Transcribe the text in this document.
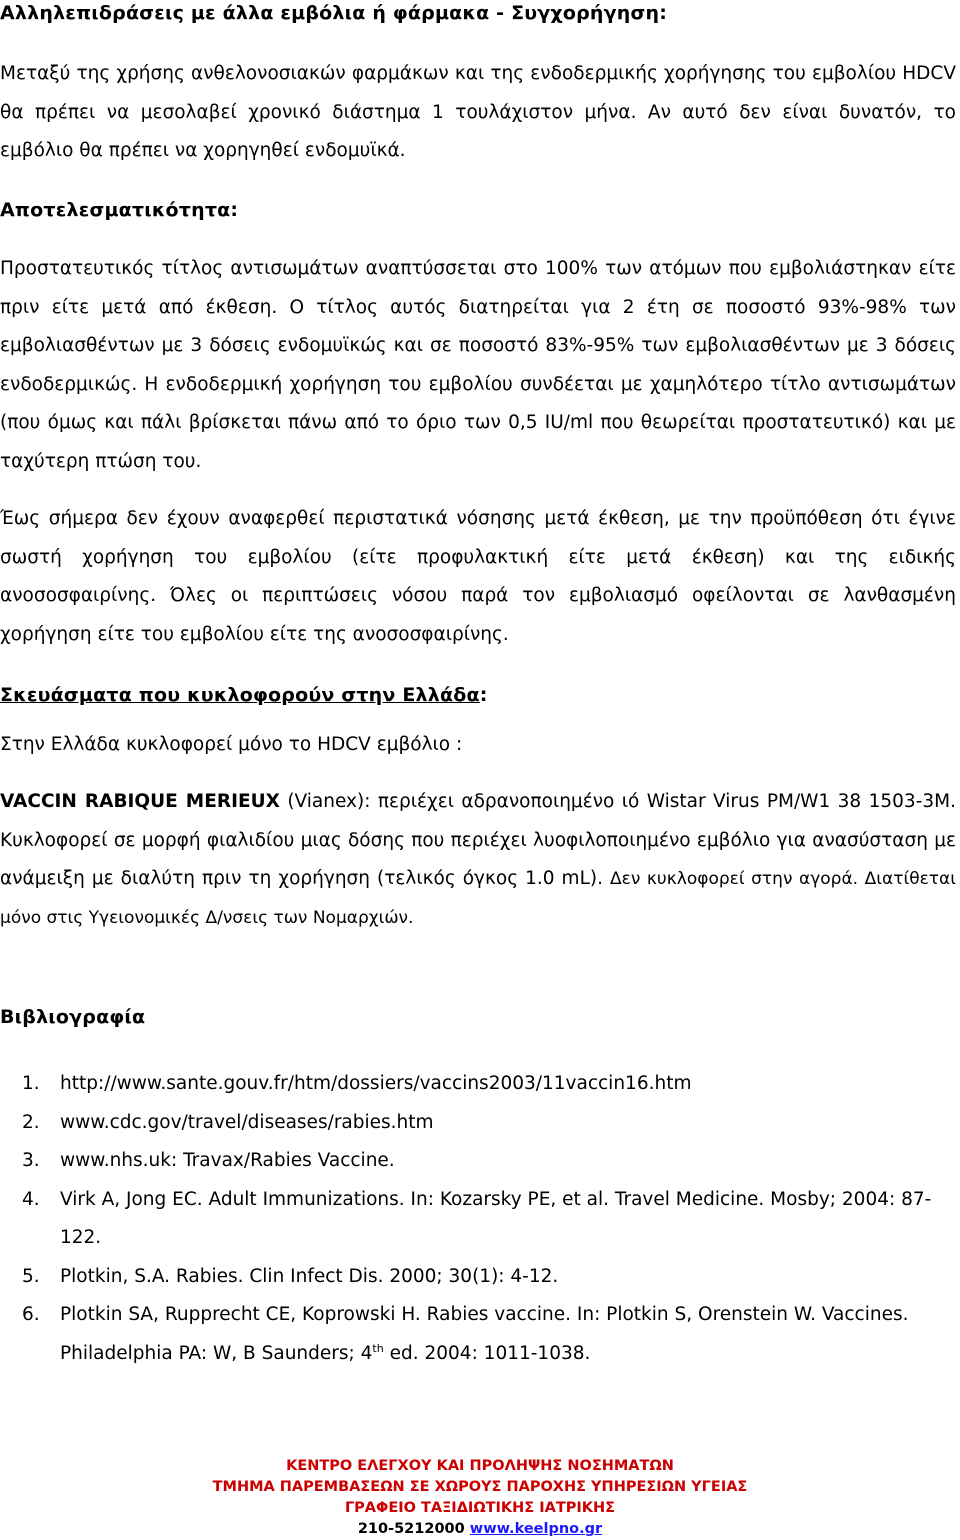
Αλληλεπιδράσεις με άλλα εμβόλια ή φάρμακα - Συγχορήγηση:
Μεταξύ της χρήσης ανθελονοσιακών φαρμάκων και της ενδοδερμικής χορήγησης του εμβολίου HDCV θα πρέπει να μεσολαβεί χρονικό διάστημα 1 τουλάχιστον μήνα. Αν αυτό δεν είναι δυνατόν, το εμβόλιο θα πρέπει να χορηγηθεί ενδομυϊκά.
Αποτελεσματικότητα:
Προστατευτικός τίτλος αντισωμάτων αναπτύσσεται στο 100% των ατόμων που εμβολιάστηκαν είτε πριν είτε μετά από έκθεση. Ο τίτλος αυτός διατηρείται για 2 έτη σε ποσοστό 93%-98% των εμβολιασθέντων με 3 δόσεις ενδομυϊκώς και σε ποσοστό 83%-95% των εμβολιασθέντων με 3 δόσεις ενδοδερμικώς. Η ενδοδερμική χορήγηση του εμβολίου συνδέεται με χαμηλότερο τίτλο αντισωμάτων (που όμως και πάλι βρίσκεται πάνω από το όριο των 0,5 IU/ml που θεωρείται προστατευτικό) και με ταχύτερη πτώση του.
Έως σήμερα δεν έχουν αναφερθεί περιστατικά νόσησης μετά έκθεση, με την προϋπόθεση ότι έγινε σωστή χορήγηση του εμβολίου (είτε προφυλακτική είτε μετά έκθεση) και της ειδικής ανοσοσφαιρίνης. Όλες οι περιπτώσεις νόσου παρά τον εμβολιασμό οφείλονται σε λανθασμένη χορήγηση είτε του εμβολίου είτε της ανοσοσφαιρίνης.
Σκευάσματα που κυκλοφορούν στην Ελλάδα:
Στην Ελλάδα κυκλοφορεί μόνο το HDCV εμβόλιο :
VACCIN RABIQUE MERIEUX (Vianex): περιέχει αδρανοποιημένο ιό Wistar Virus PM/W1 38 1503-3M. Κυκλοφορεί σε μορφή φιαλιδίου μιας δόσης που περιέχει λυοφιλοποιημένο εμβόλιο για ανασύσταση με ανάμειξη με διαλύτη πριν τη χορήγηση (τελικός όγκος 1.0 mL). Δεν κυκλοφορεί στην αγορά. Διατίθεται μόνο στις Υγειονομικές Δ/νσεις των Νομαρχιών.
Βιβλιογραφία
1. http://www.sante.gouv.fr/htm/dossiers/vaccins2003/11vaccin16.htm
2. www.cdc.gov/travel/diseases/rabies.htm
3. www.nhs.uk: Travax/Rabies Vaccine.
4. Virk A, Jong EC. Adult Immunizations. In: Kozarsky PE, et al. Travel Medicine. Mosby; 2004: 87-122.
5. Plotkin, S.A. Rabies. Clin Infect Dis. 2000; 30(1): 4-12.
6. Plotkin SA, Rupprecht CE, Koprowski H. Rabies vaccine. In: Plotkin S, Orenstein W. Vaccines. Philadelphia PA: W, B Saunders; 4th ed. 2004: 1011-1038.
ΚΕΝΤΡΟ ΕΛΕΓΧΟΥ ΚΑΙ ΠΡΟΛΗΨΗΣ ΝΟΣΗΜΑΤΩΝ
ΤΜΗΜΑ ΠΑΡΕΜΒΑΣΕΩΝ ΣΕ ΧΩΡΟΥΣ ΠΑΡΟΧΗΣ ΥΠΗΡΕΣΙΩΝ ΥΓΕΙΑΣ
ΓΡΑΦΕΙΟ ΤΑΞΙΔΙΩΤΙΚΗΣ ΙΑΤΡΙΚΗΣ
210-5212000 www.keelpno.gr
